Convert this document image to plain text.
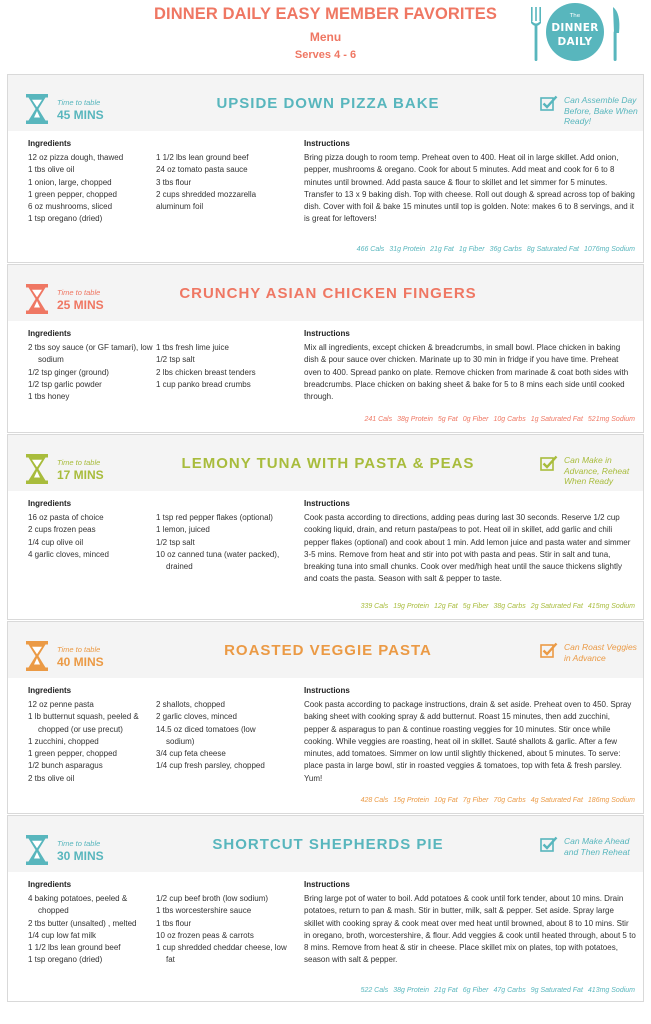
DINNER DAILY EASY MEMBER FAVORITES
Menu
Serves 4 - 6
The
DINNER
DAILY
Time to table
45 MINS
UPSIDE DOWN PIZZA BAKE	Can Assemble Day Before, Bake When Ready!
Ingredients	Instructions
12 oz pizza dough, thawed
1 tbs olive oil
1 onion, large, chopped
1 green pepper, chopped
6 oz mushrooms, sliced
1 tsp oregano (dried)
1 1/2 lbs lean ground beef
24 oz tomato pasta sauce
3 tbs flour
2 cups shredded mozzarella
aluminum foil
Bring pizza dough to room temp. Preheat oven to 400. Heat oil in large skillet. Add onion, pepper, mushrooms & oregano. Cook for about 5 minutes. Add meat and cook for 6 to 8 minutes until browned. Add pasta sauce & flour to skillet and let simmer for 5 minutes. Transfer to 13 x 9 baking dish. Top with cheese. Roll out dough & spread across top of baking dish. Cover with foil & bake 15 minutes until top is golden. Note: makes 6 to 8 servings, and it is great for leftovers!
466 Cals 31g Protein 21g Fat 1g Fiber 36g Carbs 8g Saturated Fat 1076mg Sodium
Time to table
25 MINS
CRUNCHY ASIAN CHICKEN FINGERS
Ingredients	Instructions
2 tbs soy sauce (or GF tamari), low sodium
1/2 tsp ginger (ground)
1/2 tsp garlic powder
1 tbs honey
1 tbs fresh lime juice
1/2 tsp salt
2 lbs chicken breast tenders
1 cup panko bread crumbs
Mix all ingredients, except chicken & breadcrumbs, in small bowl. Place chicken in baking dish & pour sauce over chicken. Marinate up to 30 min in fridge if you have time. Preheat oven to 400. Spread panko on plate. Remove chicken from marinade & coat both sides with breadcrumbs. Place chicken on baking sheet & bake for 5 to 8 mins each side until cooked through.
241 Cals 38g Protein 5g Fat 0g Fiber 10g Carbs 1g Saturated Fat 521mg Sodium
Time to table
17 MINS
LEMONY TUNA WITH PASTA & PEAS	Can Make in Advance, Reheat When Ready
Ingredients	Instructions
16 oz pasta of choice
2 cups frozen peas
1/4 cup olive oil
4 garlic cloves, minced
1 tsp red pepper flakes (optional)
1 lemon, juiced
1/2 tsp salt
10 oz canned tuna (water packed), drained
Cook pasta according to directions, adding peas during last 30 seconds. Reserve 1/2 cup cooking liquid, drain, and return pasta/peas to pot. Heat oil in skillet, add garlic and chili pepper flakes (optional) and cook about 1 min. Add lemon juice and pasta water and simmer 3-5 mins. Remove from heat and stir into pot with pasta and peas. Stir in salt and tuna, breaking tuna into small chunks. Cook over med/high heat until the sauce thickens slightly and coats the pasta. Season with salt & pepper to taste.
339 Cals 19g Protein 12g Fat 5g Fiber 38g Carbs 2g Saturated Fat 415mg Sodium
Time to table
40 MINS
ROASTED VEGGIE PASTA	Can Roast Veggies in Advance
Ingredients	Instructions
12 oz penne pasta
1 lb butternut squash, peeled & chopped (or use precut)
1 zucchini, chopped
1 green pepper, chopped
1/2 bunch asparagus
2 tbs olive oil
2 shallots, chopped
2 garlic cloves, minced
14.5 oz diced tomatoes (low sodium)
3/4 cup feta cheese
1/4 cup fresh parsley, chopped
Cook pasta according to package instructions, drain & set aside. Preheat oven to 450. Spray baking sheet with cooking spray & add butternut. Roast 15 minutes, then add zucchini, pepper & asparagus to pan & continue roasting veggies for 10 minutes. Stir once while cooking. While veggies are roasting, heat oil in skillet. Sauté shallots & garlic. After a few minutes, add tomatoes. Simmer on low until slightly thickened, about 5 minutes. To serve: place pasta in large bowl, stir in roasted veggies & tomatoes, top with feta & fresh parsley. Yum!
428 Cals 15g Protein 10g Fat 7g Fiber 70g Carbs 4g Saturated Fat 186mg Sodium
Time to table
30 MINS
SHORTCUT SHEPHERDS PIE	Can Make Ahead and Then Reheat
Ingredients	Instructions
4 baking potatoes, peeled & chopped
2 tbs butter (unsalted) , melted
1/4 cup low fat milk
1 1/2 lbs lean ground beef
1 tsp oregano (dried)
1/2 cup beef broth (low sodium)
1 tbs worcestershire sauce
1 tbs flour
10 oz frozen peas & carrots
1 cup shredded cheddar cheese, low fat
Bring large pot of water to boil. Add potatoes & cook until fork tender, about 10 mins. Drain potatoes, return to pan & mash. Stir in butter, milk, salt & pepper. Set aside. Spray large skillet with cooking spray & cook meat over med heat until browned, about 8 to 10 mins. Stir in oregano, broth, worcestershire, & flour. Add veggies & cook until heated through, about 5 to 8 mins. Remove from heat & stir in cheese. Place skillet mix on plates, top with potatoes, season with salt & pepper.
522 Cals 38g Protein 21g Fat 6g Fiber 47g Carbs 9g Saturated Fat 413mg Sodium
